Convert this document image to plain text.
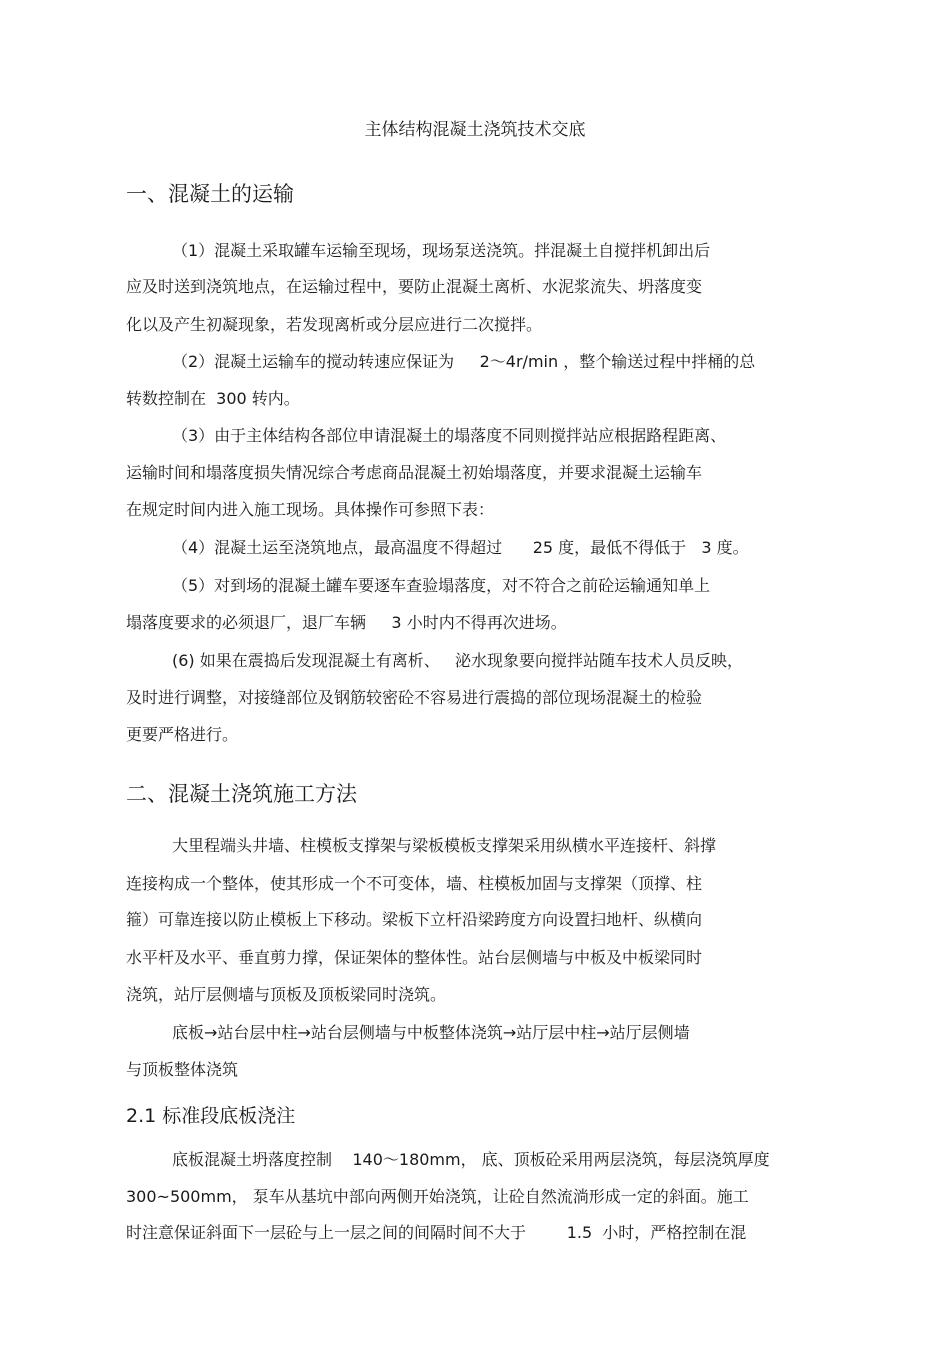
主体结构混凝土浇筑技术交底
一、混凝土的运输
（1）混凝土采取罐车运输至现场，现场泵送浇筑。拌混凝土自搅拌机卸出后
应及时送到浇筑地点，在运输过程中，要防止混凝土离析、水泥浆流失、坍落度变
化以及产生初凝现象，若发现离析或分层应进行二次搅拌。
（2）混凝土运输车的搅动转速应保证为     2～4r/min ，整个输送过程中拌桶的总
转数控制在  300 转内。
（3）由于主体结构各部位申请混凝土的塌落度不同则搅拌站应根据路程距离、
运输时间和塌落度损失情况综合考虑商品混凝土初始塌落度，并要求混凝土运输车
在规定时间内进入施工现场。具体操作可参照下表：
（4）混凝土运至浇筑地点，最高温度不得超过      25 度，最低不得低于   3 度。
（5）对到场的混凝土罐车要逐车查验塌落度，对不符合之前砼运输通知单上
塌落度要求的必须退厂，退厂车辆     3 小时内不得再次进场。
(6) 如果在震捣后发现混凝土有离析、   泌水现象要向搅拌站随车技术人员反映，
及时进行调整，对接缝部位及钢筋较密砼不容易进行震捣的部位现场混凝土的检验
更要严格进行。
二、混凝土浇筑施工方法
大里程端头井墙、柱模板支撑架与梁板模板支撑架采用纵横水平连接杆、斜撑
连接构成一个整体，使其形成一个不可变体，墙、柱模板加固与支撑架（顶撑、柱
箍）可靠连接以防止模板上下移动。梁板下立杆沿梁跨度方向设置扫地杆、纵横向
水平杆及水平、垂直剪力撑，保证架体的整体性。站台层侧墙与中板及中板梁同时
浇筑，站厅层侧墙与顶板及顶板梁同时浇筑。
底板→站台层中柱→站台层侧墙与中板整体浇筑→站厅层中柱→站厅层侧墙
与顶板整体浇筑
2.1 标准段底板浇注
底板混凝土坍落度控制    140～180mm， 底、顶板砼采用两层浇筑，每层浇筑厚度
300~500mm， 泵车从基坑中部向两侧开始浇筑，让砼自然流淌形成一定的斜面。施工
时注意保证斜面下一层砼与上一层之间的间隔时间不大于        1.5  小时，严格控制在混
